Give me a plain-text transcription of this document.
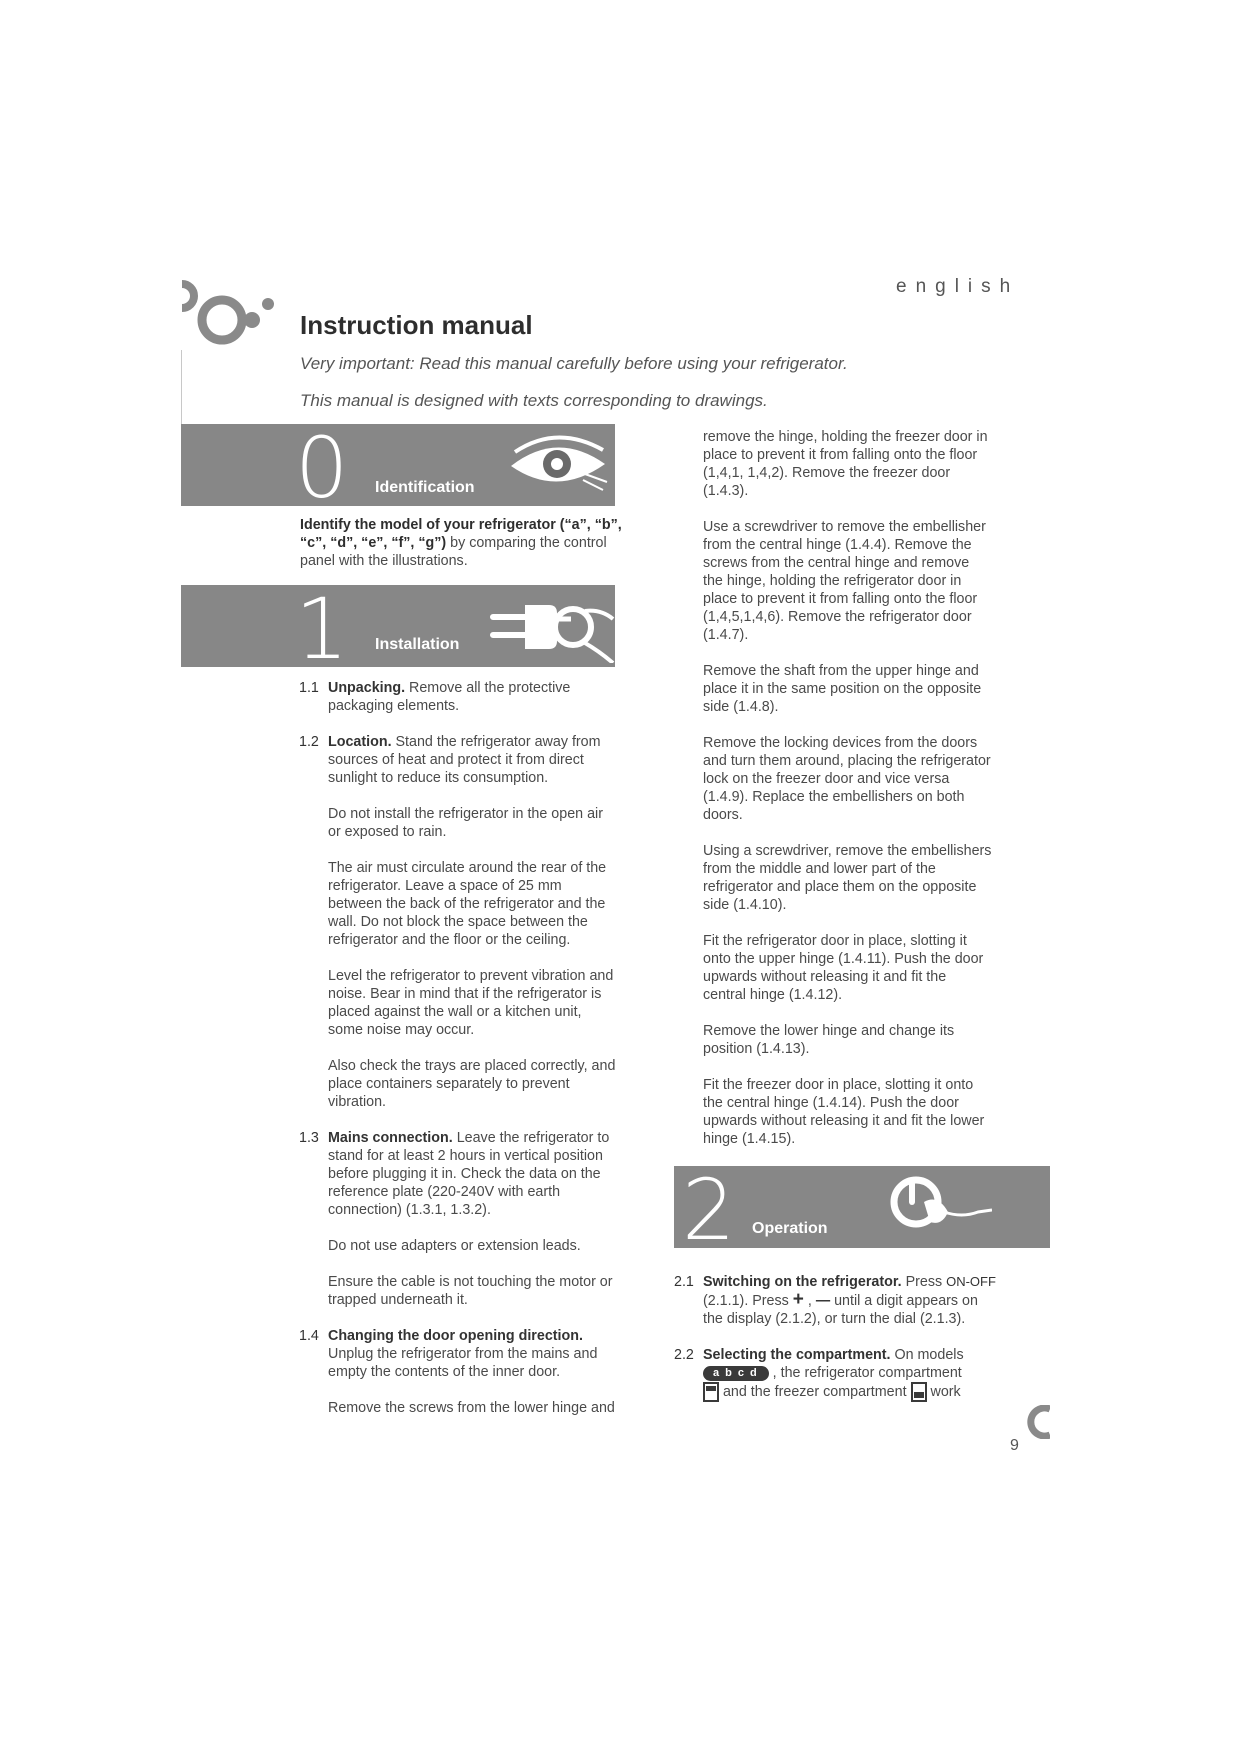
english
Instruction manual
Very important: Read this manual carefully before using your refrigerator.
This manual is designed with texts corresponding to drawings.
0 Identification
Identify the model of your refrigerator (“a”, “b”, “c”, “d”, “e”, “f”, “g”) by comparing the control panel with the illustrations.
1 Installation
1.1 Unpacking. Remove all the protective packaging elements.

1.2 Location. Stand the refrigerator away from sources of heat and protect it from direct sunlight to reduce its consumption.

Do not install the refrigerator in the open air or exposed to rain.

The air must circulate around the rear of the refrigerator. Leave a space of 25 mm between the back of the refrigerator and the wall. Do not block the space between the refrigerator and the floor or the ceiling.

Level the refrigerator to prevent vibration and noise. Bear in mind that if the refrigerator is placed against the wall or a kitchen unit, some noise may occur.

Also check the trays are placed correctly, and place containers separately to prevent vibration.

1.3 Mains connection. Leave the refrigerator to stand for at least 2 hours in vertical position before plugging it in. Check the data on the reference plate (220-240V with earth connection) (1.3.1, 1.3.2).

Do not use adapters or extension leads.

Ensure the cable is not touching the motor or trapped underneath it.

1.4 Changing the door opening direction. Unplug the refrigerator from the mains and empty the contents of the inner door.

Remove the screws from the lower hinge and

remove the hinge, holding the freezer door in place to prevent it from falling onto the floor (1,4,1, 1,4,2). Remove the freezer door (1.4.3).

Use a screwdriver to remove the embellisher from the central hinge (1.4.4). Remove the screws from the central hinge and remove the hinge, holding the refrigerator door in place to prevent it from falling onto the floor (1,4,5,1,4,6). Remove the refrigerator door (1.4.7).

Remove the shaft from the upper hinge and place it in the same position on the opposite side (1.4.8).

Remove the locking devices from the doors and turn them around, placing the refrigerator lock on the freezer door and vice versa (1.4.9). Replace the embellishers on both doors.

Using a screwdriver, remove the embellishers from the middle and lower part of the refrigerator and place them on the opposite side (1.4.10).

Fit the refrigerator door in place, slotting it onto the upper hinge (1.4.11). Push the door upwards without releasing it and fit the central hinge (1.4.12).

Remove the lower hinge and change its position (1.4.13).

Fit the freezer door in place, slotting it onto the central hinge (1.4.14). Push the door upwards without releasing it and fit the lower hinge (1.4.15).

2 Operation
2.1 Switching on the refrigerator. Press ON-OFF (2.1.1). Press + , — until a digit appears on the display (2.1.2), or turn the dial (2.1.3).

2.2 Selecting the compartment. On models
abcd , the refrigerator compartment

and the freezer compartment
work

9
